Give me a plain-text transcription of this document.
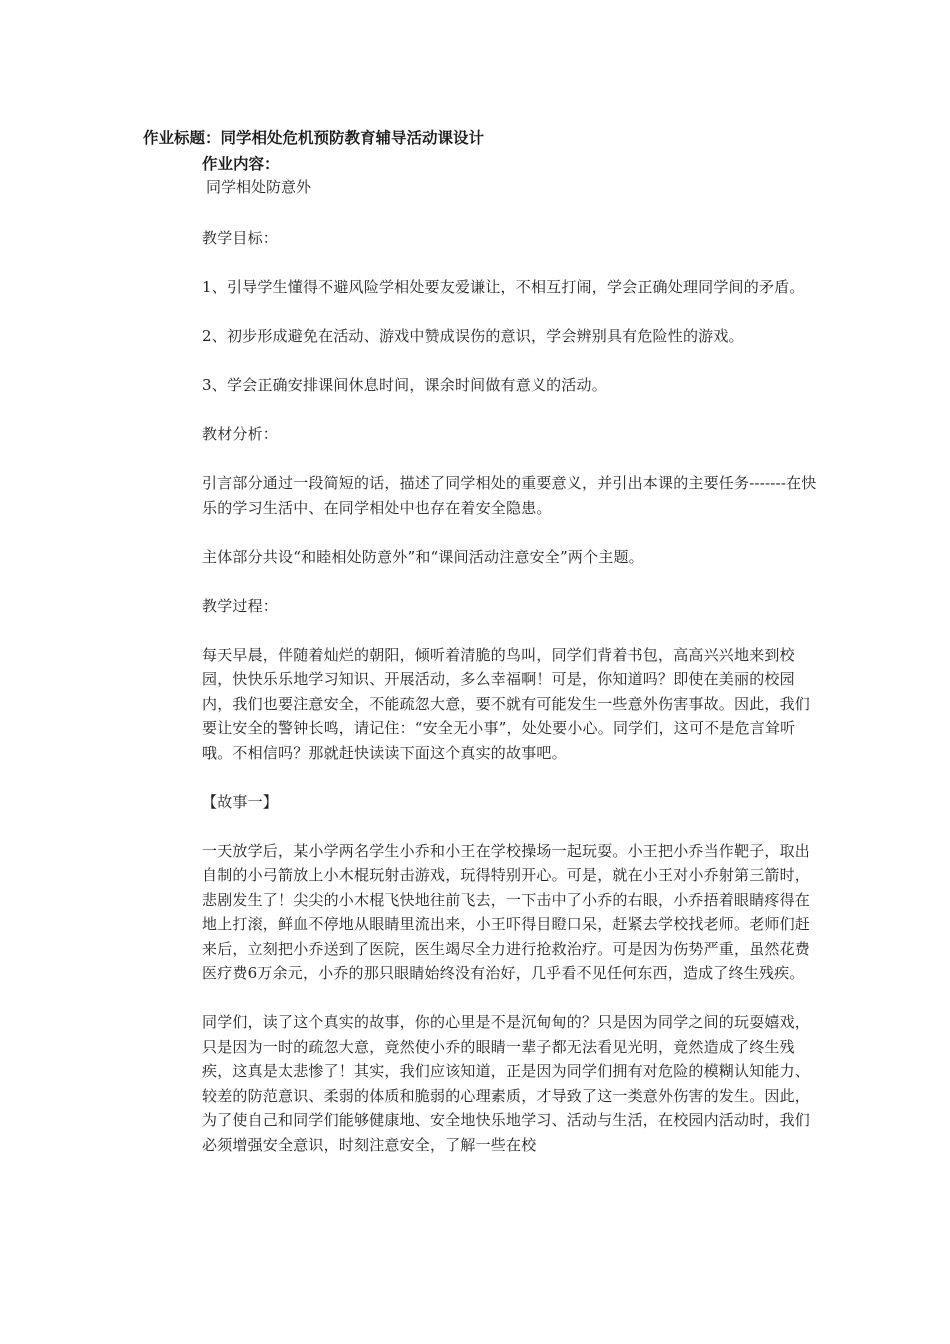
作业标题：同学相处危机预防教育辅导活动课设计
作业内容：
同学相处防意外

教学目标：

1、引导学生懂得不避风险学相处要友爱谦让，不相互打闹，学会正确处理同学间的矛盾。

2、初步形成避免在活动、游戏中赞成误伤的意识，学会辨别具有危险性的游戏。

3、学会正确安排课间休息时间，课余时间做有意义的活动。

教材分析：

引言部分通过一段简短的话，描述了同学相处的重要意义，并引出本课的主要任务-------在快乐的学习生活中、在同学相处中也存在着安全隐患。

主体部分共设“和睦相处防意外”和“课间活动注意安全”两个主题。

教学过程：

每天早晨，伴随着灿烂的朝阳，倾听着清脆的鸟叫，同学们背着书包，高高兴兴地来到校园，快快乐乐地学习知识、开展活动，多么幸福啊！可是，你知道吗？即使在美丽的校园内，我们也要注意安全，不能疏忽大意，要不就有可能发生一些意外伤害事故。因此，我们要让安全的警钟长鸣，请记住：“安全无小事”，处处要小心。同学们，这可不是危言耸听哦。不相信吗？那就赶快读读下面这个真实的故事吧。

【故事一】

一天放学后，某小学两名学生小乔和小王在学校操场一起玩耍。小王把小乔当作靶子，取出自制的小弓箭放上小木棍玩射击游戏，玩得特别开心。可是，就在小王对小乔射第三箭时，悲剧发生了！尖尖的小木棍飞快地往前飞去，一下击中了小乔的右眼，小乔捂着眼睛疼得在地上打滚，鲜血不停地从眼睛里流出来，小王吓得目瞪口呆，赶紧去学校找老师。老师们赶来后，立刻把小乔送到了医院，医生竭尽全力进行抢救治疗。可是因为伤势严重，虽然花费医疗费6万余元，小乔的那只眼睛始终没有治好，几乎看不见任何东西，造成了终生残疾。

同学们，读了这个真实的故事，你的心里是不是沉甸甸的？只是因为同学之间的玩耍嬉戏，只是因为一时的疏忽大意，竟然使小乔的眼睛一辈子都无法看见光明，竟然造成了终生残疾，这真是太悲惨了！其实，我们应该知道，正是因为同学们拥有对危险的模糊认知能力、较差的防范意识、柔弱的体质和脆弱的心理素质，才导致了这一类意外伤害的发生。因此，为了使自己和同学们能够健康地、安全地快乐地学习、活动与生活，在校园内活动时，我们必须增强安全意识，时刻注意安全，了解一些在校
